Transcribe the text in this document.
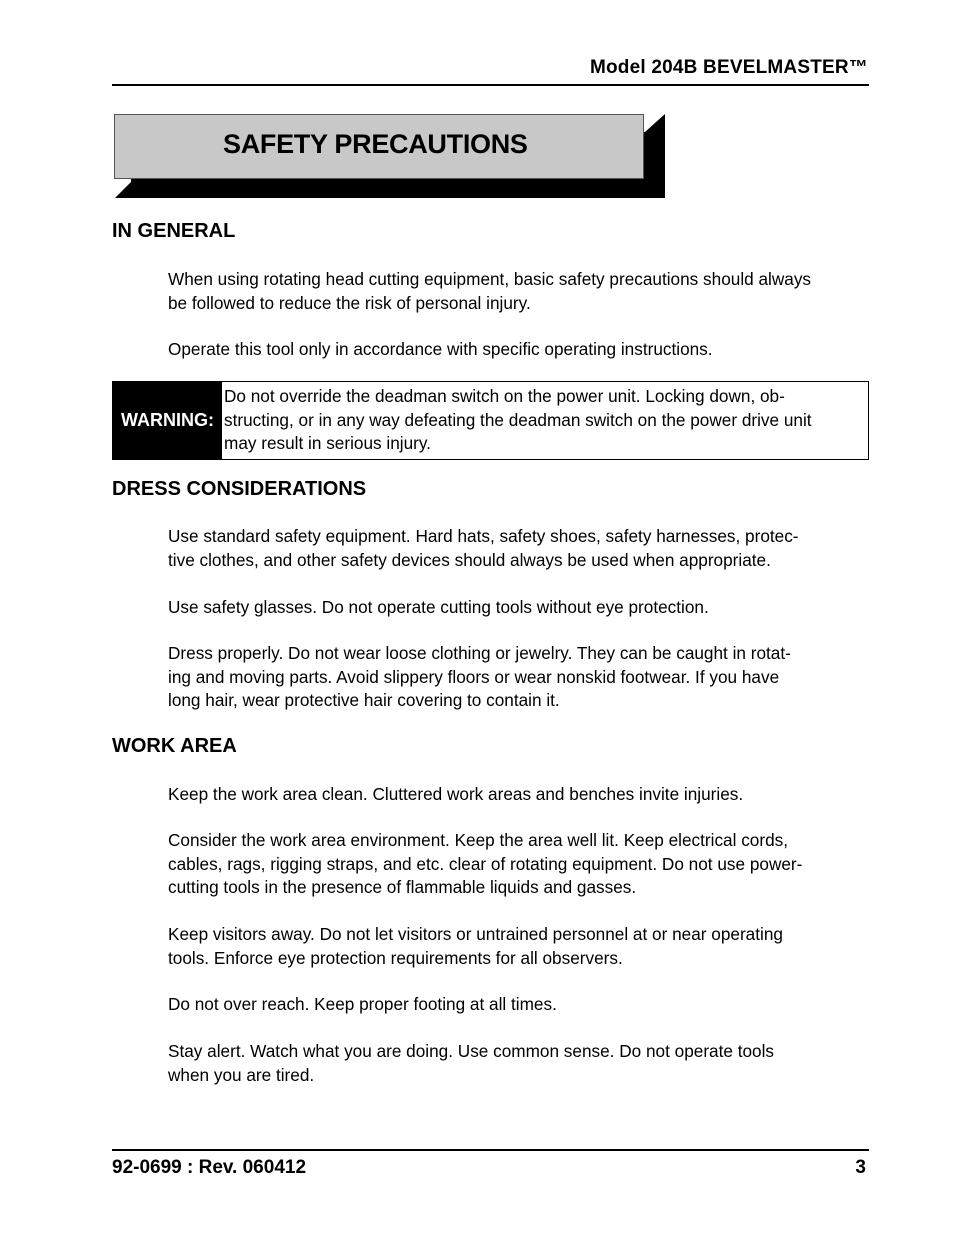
Model 204B BEVELMASTER™
SAFETY PRECAUTIONS
IN GENERAL
When using rotating head cutting equipment, basic safety precautions should always
be followed to reduce the risk of personal injury.
Operate this tool only in accordance with specific operating instructions.
WARNING:
Do not override the deadman switch on the power unit. Locking down, ob-
structing, or in any way defeating the deadman switch on the power drive unit
may result in serious injury.
DRESS CONSIDERATIONS
Use standard safety equipment. Hard hats, safety shoes, safety harnesses, protec-
tive clothes, and other safety devices should always be used when appropriate.
Use safety glasses. Do not operate cutting tools without eye protection.
Dress properly. Do not wear loose clothing or jewelry. They can be caught in rotat-
ing and moving parts. Avoid slippery floors or wear nonskid footwear. If you have
long hair, wear protective hair covering to contain it.
WORK AREA
Keep the work area clean. Cluttered work areas and benches invite injuries.
Consider the work area environment. Keep the area well lit. Keep electrical cords,
cables, rags, rigging straps, and etc. clear of rotating equipment. Do not use power-
cutting tools in the presence of flammable liquids and gasses.
Keep visitors away. Do not let visitors or untrained personnel at or near operating
tools. Enforce eye protection requirements for all observers.
Do not over reach. Keep proper footing at all times.
Stay alert. Watch what you are doing. Use common sense. Do not operate tools
when you are tired.
92-0699 : Rev. 060412	3
